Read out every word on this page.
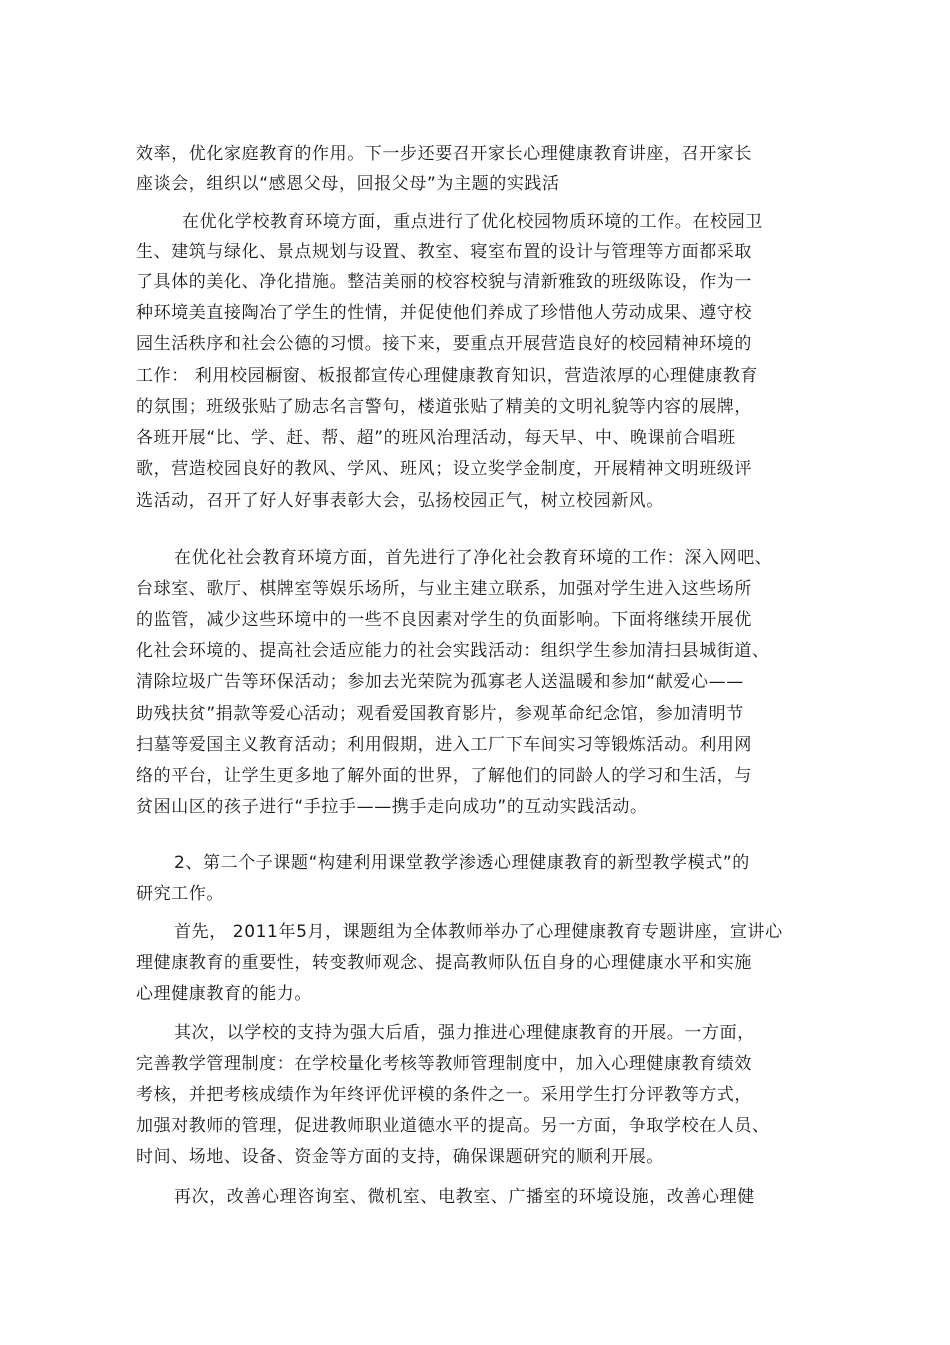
效率，优化家庭教育的作用。下一步还要召开家长心理健康教育讲座，召开家长
座谈会，组织以“感恩父母，回报父母”为主题的实践活
在优化学校教育环境方面，重点进行了优化校园物质环境的工作。在校园卫
生、建筑与绿化、景点规划与设置、教室、寝室布置的设计与管理等方面都采取
了具体的美化、净化措施。整洁美丽的校容校貌与清新雅致的班级陈设，作为一
种环境美直接陶冶了学生的性情，并促使他们养成了珍惜他人劳动成果、遵守校
园生活秩序和社会公德的习惯。接下来，要重点开展营造良好的校园精神环境的
工作： 利用校园橱窗、板报都宣传心理健康教育知识，营造浓厚的心理健康教育
的氛围；班级张贴了励志名言警句，楼道张贴了精美的文明礼貌等内容的展牌，
各班开展“比、学、赶、帮、超”的班风治理活动，每天早、中、晚课前合唱班
歌，营造校园良好的教风、学风、班风；设立奖学金制度，开展精神文明班级评
选活动，召开了好人好事表彰大会，弘扬校园正气，树立校园新风。
在优化社会教育环境方面，首先进行了净化社会教育环境的工作：深入网吧、
台球室、歌厅、棋牌室等娱乐场所，与业主建立联系，加强对学生进入这些场所
的监管，减少这些环境中的一些不良因素对学生的负面影响。下面将继续开展优
化社会环境的、提高社会适应能力的社会实践活动：组织学生参加清扫县城街道、
清除垃圾广告等环保活动；参加去光荣院为孤寡老人送温暖和参加“献爱心——
助残扶贫”捐款等爱心活动；观看爱国教育影片，参观革命纪念馆，参加清明节
扫墓等爱国主义教育活动；利用假期，进入工厂下车间实习等锻炼活动。利用网
络的平台，让学生更多地了解外面的世界，了解他们的同龄人的学习和生活，与
贫困山区的孩子进行“手拉手——携手走向成功”的互动实践活动。
2、第二个子课题“构建利用课堂教学渗透心理健康教育的新型教学模式”的
研究工作。
首先， 2011年5月，课题组为全体教师举办了心理健康教育专题讲座，宣讲心
理健康教育的重要性，转变教师观念、提高教师队伍自身的心理健康水平和实施
心理健康教育的能力。
其次，以学校的支持为强大后盾，强力推进心理健康教育的开展。一方面，
完善教学管理制度：在学校量化考核等教师管理制度中，加入心理健康教育绩效
考核，并把考核成绩作为年终评优评模的条件之一。采用学生打分评教等方式，
加强对教师的管理，促进教师职业道德水平的提高。另一方面，争取学校在人员、
时间、场地、设备、资金等方面的支持，确保课题研究的顺利开展。
再次，改善心理咨询室、微机室、电教室、广播室的环境设施，改善心理健
